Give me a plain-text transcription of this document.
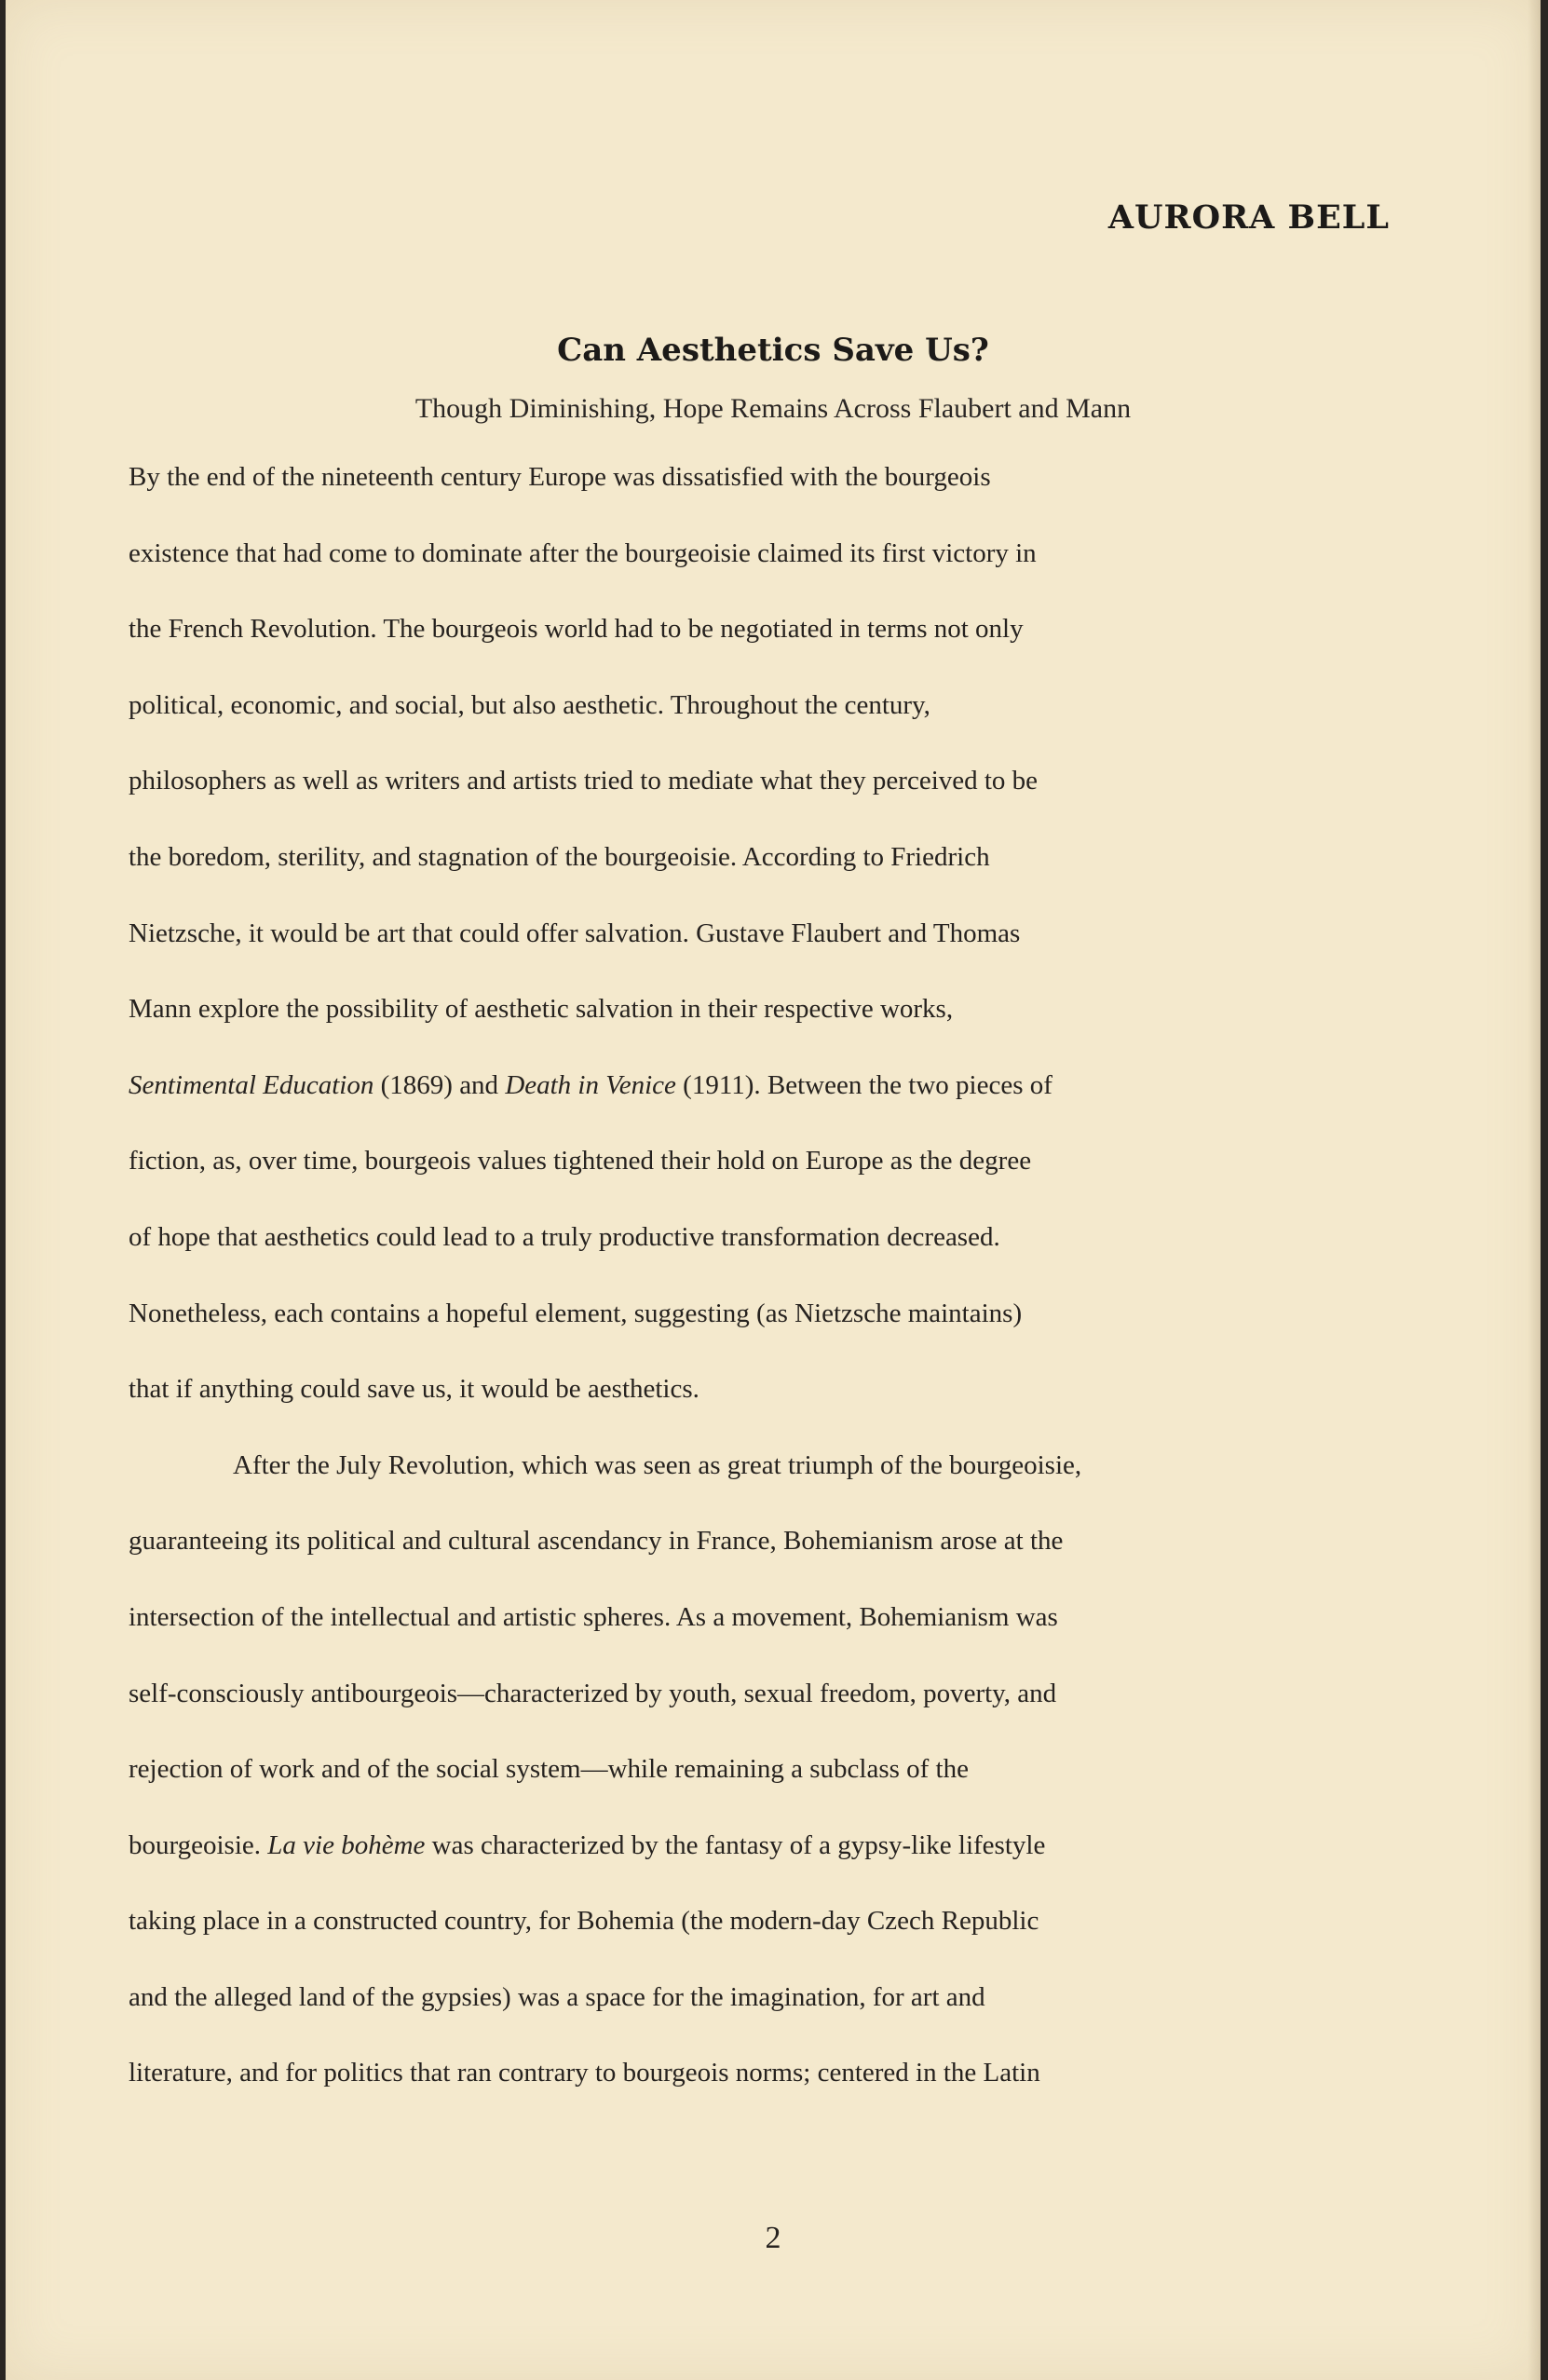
AURORA BELL
Can Aesthetics Save Us?

Though Diminishing, Hope Remains Across Flaubert and Mann

By the end of the nineteenth century Europe was dissatisfied with the bourgeois
existence that had come to dominate after the bourgeoisie claimed its first victory in
the French Revolution. The bourgeois world had to be negotiated in terms not only
political, economic, and social, but also aesthetic. Throughout the century,
philosophers as well as writers and artists tried to mediate what they perceived to be
the boredom, sterility, and stagnation of the bourgeoisie. According to Friedrich
Nietzsche, it would be art that could offer salvation. Gustave Flaubert and Thomas
Mann explore the possibility of aesthetic salvation in their respective works,
Sentimental Education (1869) and Death in Venice (1911). Between the two pieces of
fiction, as, over time, bourgeois values tightened their hold on Europe as the degree
of hope that aesthetics could lead to a truly productive transformation decreased.
Nonetheless, each contains a hopeful element, suggesting (as Nietzsche maintains)
that if anything could save us, it would be aesthetics.
After the July Revolution, which was seen as great triumph of the bourgeoisie,
guaranteeing its political and cultural ascendancy in France, Bohemianism arose at the
intersection of the intellectual and artistic spheres. As a movement, Bohemianism was
self-consciously antibourgeois—characterized by youth, sexual freedom, poverty, and
rejection of work and of the social system—while remaining a subclass of the
bourgeoisie. La vie bohème was characterized by the fantasy of a gypsy-like lifestyle
taking place in a constructed country, for Bohemia (the modern-day Czech Republic
and the alleged land of the gypsies) was a space for the imagination, for art and
literature, and for politics that ran contrary to bourgeois norms; centered in the Latin

2
